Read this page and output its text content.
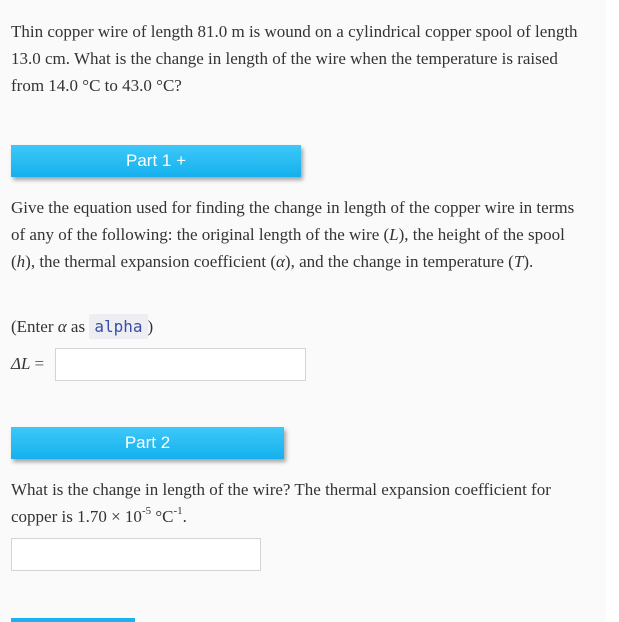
Thin copper wire of length 81.0 m is wound on a cylindrical copper spool of length 13.0 cm. What is the change in length of the wire when the temperature is raised from 14.0 °C to 43.0 °C?

Part 1 +

Give the equation used for finding the change in length of the copper wire in terms of any of the following: the original length of the wire (L), the height of the spool (h), the thermal expansion coefficient (α), and the change in temperature (T).

(Enter α as alpha )
ΔL =
Part 2

What is the change in length of the wire? The thermal expansion coefficient for copper is $1.70 \times 10^{-5}$ $^\circ C^{-1}$.
